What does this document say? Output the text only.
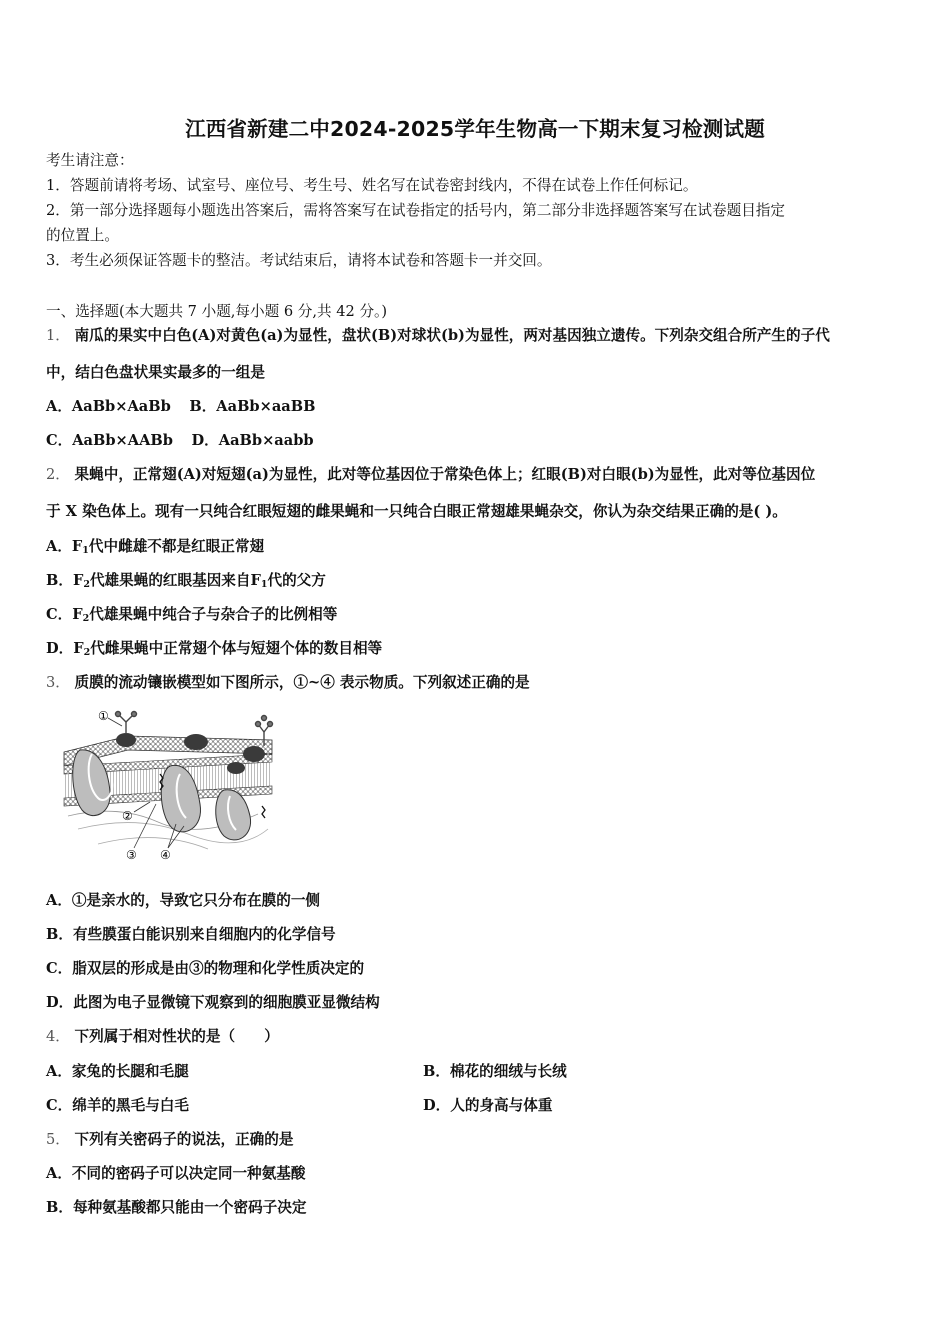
江西省新建二中2024-2025学年生物高一下期末复习检测试题
考生请注意：
1．答题前请将考场、试室号、座位号、考生号、姓名写在试卷密封线内，不得在试卷上作任何标记。
2．第一部分选择题每小题选出答案后，需将答案写在试卷指定的括号内，第二部分非选择题答案写在试卷题目指定
的位置上。
3．考生必须保证答题卡的整洁。考试结束后，请将本试卷和答题卡一并交回。
一、选择题(本大题共 7 小题,每小题 6 分,共 42 分。)
1． 南瓜的果实中白色(A)对黄色(a)为显性，盘状(B)对球状(b)为显性，两对基因独立遗传。下列杂交组合所产生的子代
中，结白色盘状果实最多的一组是
A．AaBb×AaBb B．AaBb×aaBB
C．AaBb×AABb D．AaBb×aabb
2． 果蝇中，正常翅(A)对短翅(a)为显性，此对等位基因位于常染色体上；红眼(B)对白眼(b)为显性，此对等位基因位
于 X 染色体上。现有一只纯合红眼短翅的雌果蝇和一只纯合白眼正常翅雄果蝇杂交，你认为杂交结果正确的是( )。
A．$F_1$代中雌雄不都是红眼正常翅
B．$F_2$代雄果蝇的红眼基因来自$F_1$代的父方
C．$F_2$代雄果蝇中纯合子与杂合子的比例相等
D．$F_2$代雌果蝇中正常翅个体与短翅个体的数目相等
3． 质膜的流动镶嵌模型如下图所示，①~④ 表示物质。下列叙述正确的是
①
②
③ ④
A．①是亲水的，导致它只分布在膜的一侧
B．有些膜蛋白能识别来自细胞内的化学信号
C．脂双层的形成是由③的物理和化学性质决定的
D．此图为电子显微镜下观察到的细胞膜亚显微结构
4． 下列属于相对性状的是（　　）
A．家兔的长腿和毛腿	B．棉花的细绒与长绒
C．绵羊的黑毛与白毛	D．人的身高与体重
5． 下列有关密码子的说法，正确的是
A．不同的密码子可以决定同一种氨基酸
B．每种氨基酸都只能由一个密码子决定
